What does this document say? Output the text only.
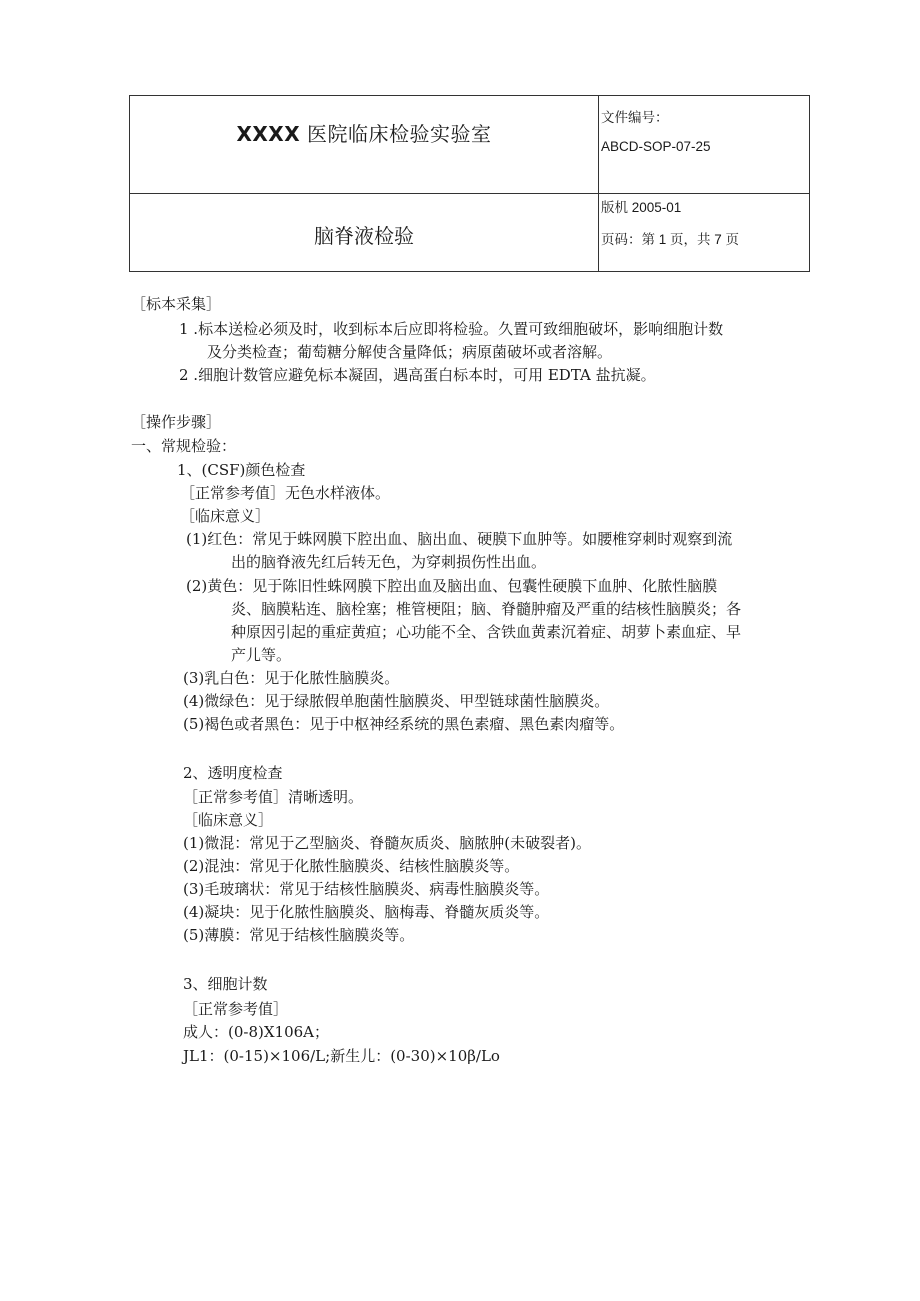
XXXX 医院临床检验实验室	文件编号：
ABCD-SOP-07-25

脑脊液检验	版机 2005-01
页码：第 1 页，共 7 页
［标本采集］
1 .标本送检必须及时，收到标本后应即将检验。久置可致细胞破坏，影响细胞计数
及分类检查；葡萄糖分解使含量降低；病原菌破坏或者溶解。
2 .细胞计数管应避免标本凝固，遇高蛋白标本时，可用 EDTA 盐抗凝。
［操作步骤］
一、常规检验：
1、(CSF)颜色检查
［正常参考值］无色水样液体。
［临床意义］
(1)红色：常见于蛛网膜下腔出血、脑出血、硬膜下血肿等。如腰椎穿刺时观察到流
出的脑脊液先红后转无色，为穿刺损伤性出血。
(2)黄色：见于陈旧性蛛网膜下腔出血及脑出血、包囊性硬膜下血肿、化脓性脑膜
炎、脑膜粘连、脑栓塞；椎管梗阻；脑、脊髓肿瘤及严重的结核性脑膜炎；各
种原因引起的重症黄疸；心功能不全、含铁血黄素沉着症、胡萝卜素血症、早
产儿等。
(3)乳白色：见于化脓性脑膜炎。
(4)微绿色：见于绿脓假单胞菌性脑膜炎、甲型链球菌性脑膜炎。
(5)褐色或者黑色：见于中枢神经系统的黑色素瘤、黑色素肉瘤等。
2、透明度检查
［正常参考值］清晰透明。
［临床意义］
(1)微混：常见于乙型脑炎、脊髓灰质炎、脑脓肿(未破裂者)。
(2)混浊：常见于化脓性脑膜炎、结核性脑膜炎等。
(3)毛玻璃状：常见于结核性脑膜炎、病毒性脑膜炎等。
(4)凝块：见于化脓性脑膜炎、脑梅毒、脊髓灰质炎等。
(5)薄膜：常见于结核性脑膜炎等。
3、细胞计数
［正常参考值］
成人：(0-8)X106A；
JL1：(0-15)×106∕L;新生儿：(0-30)×10β∕Lo
